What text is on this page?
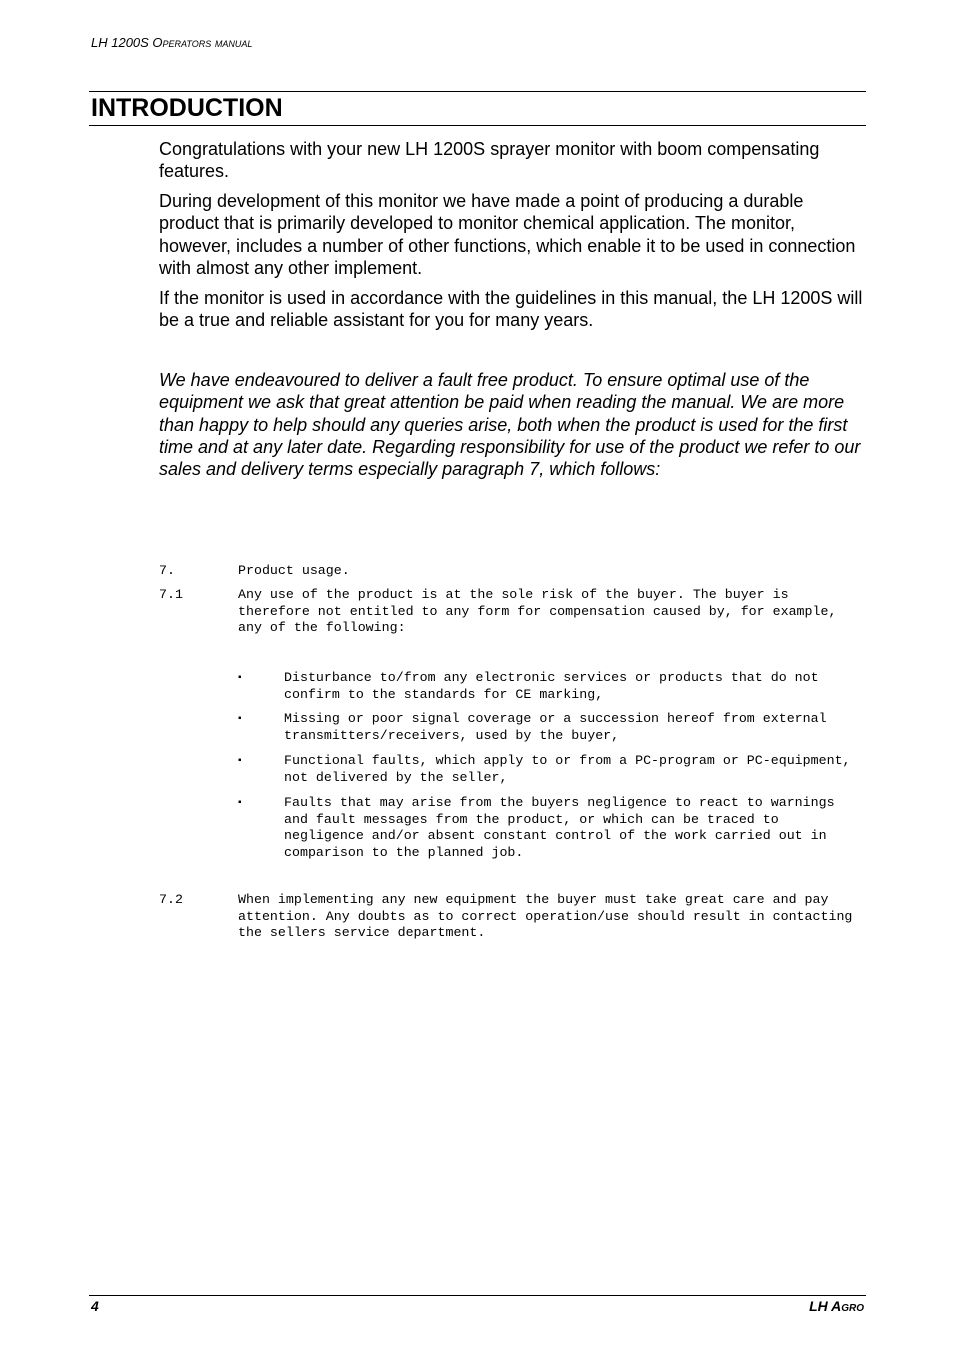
LH 1200S Operators manual
INTRODUCTION

Congratulations with your new LH 1200S sprayer monitor with boom compensating features.

During development of this monitor we have made a point of producing a durable product that is primarily developed to monitor chemical application. The monitor, however, includes a number of other functions, which enable it to be used in connection with almost any other implement.

If the monitor is used in accordance with the guidelines in this manual, the LH 1200S will be a true and reliable assistant for you for many years.

We have endeavoured to deliver a fault free product. To ensure optimal use of the equipment we ask that great attention be paid when reading the manual. We are more than happy to help should any queries arise, both when the product is used for the first time and at any later date. Regarding responsibility for use of the product we refer to our sales and delivery terms especially paragraph 7, which follows:

7.	Product usage.

7.1	Any use of the product is at the sole risk of the buyer. The buyer is therefore not entitled to any form for compensation caused by, for example, any of the following:

▪	Disturbance to/from any electronic services or products that do not confirm to the standards for CE marking,

▪	Missing or poor signal coverage or a succession hereof from external transmitters/receivers, used by the buyer,

▪	Functional faults, which apply to or from a PC-program or PC-equipment, not delivered by the seller,

▪	Faults that may arise from the buyers negligence to react to warnings and fault messages from the product, or which can be traced to negligence and/or absent constant control of the work carried out in comparison to the planned job.

7.2	When implementing any new equipment the buyer must take great care and pay attention. Any doubts as to correct operation/use should result in contacting the sellers service department.

4	LH Agro
